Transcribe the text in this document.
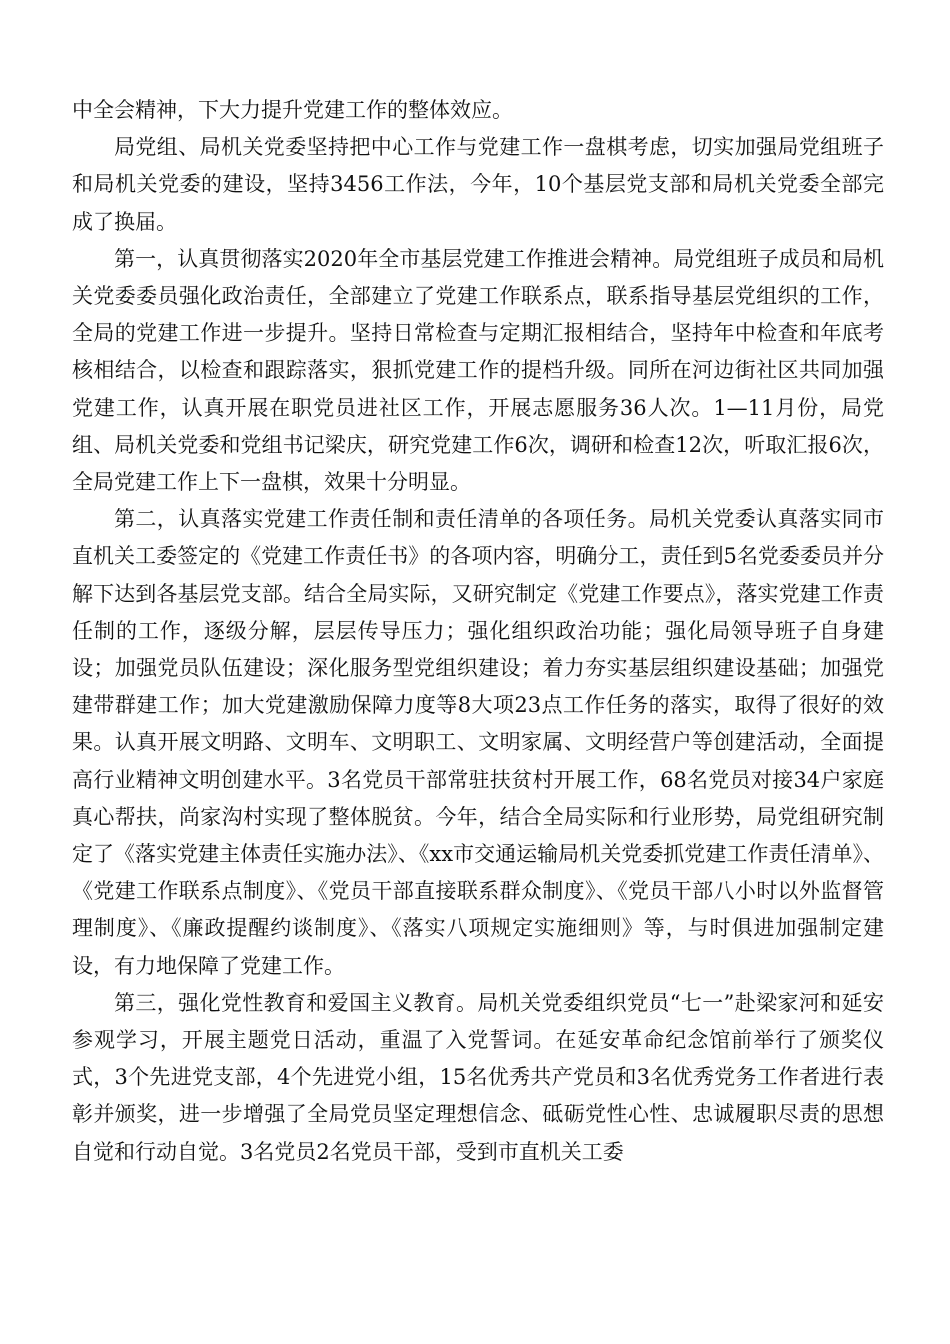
中全会精神，下大力提升党建工作的整体效应。

局党组、局机关党委坚持把中心工作与党建工作一盘棋考虑，切实加强局党组班子和局机关党委的建设，坚持3456工作法，今年，10个基层党支部和局机关党委全部完成了换届。

第一，认真贯彻落实2020年全市基层党建工作推进会精神。局党组班子成员和局机关党委委员强化政治责任，全部建立了党建工作联系点，联系指导基层党组织的工作，全局的党建工作进一步提升。坚持日常检查与定期汇报相结合，坚持年中检查和年底考核相结合，以检查和跟踪落实，狠抓党建工作的提档升级。同所在河边街社区共同加强党建工作，认真开展在职党员进社区工作，开展志愿服务36人次。1—11月份，局党组、局机关党委和党组书记梁庆，研究党建工作6次，调研和检查12次，听取汇报6次，全局党建工作上下一盘棋，效果十分明显。

第二，认真落实党建工作责任制和责任清单的各项任务。局机关党委认真落实同市直机关工委签定的《党建工作责任书》的各项内容，明确分工，责任到5名党委委员并分解下达到各基层党支部。结合全局实际，又研究制定《党建工作要点》，落实党建工作责任制的工作，逐级分解，层层传导压力；强化组织政治功能；强化局领导班子自身建设；加强党员队伍建设；深化服务型党组织建设；着力夯实基层组织建设基础；加强党建带群建工作；加大党建激励保障力度等8大项23点工作任务的落实，取得了很好的效果。认真开展文明路、文明车、文明职工、文明家属、文明经营户等创建活动，全面提高行业精神文明创建水平。3名党员干部常驻扶贫村开展工作，68名党员对接34户家庭真心帮扶，尚家沟村实现了整体脱贫。今年，结合全局实际和行业形势，局党组研究制定了《落实党建主体责任实施办法》、《xx市交通运输局机关党委抓党建工作责任清单》、《党建工作联系点制度》、《党员干部直接联系群众制度》、《党员干部八小时以外监督管理制度》、《廉政提醒约谈制度》、《落实八项规定实施细则》等，与时俱进加强制定建设，有力地保障了党建工作。

第三，强化党性教育和爱国主义教育。局机关党委组织党员“七一”赴梁家河和延安参观学习，开展主题党日活动，重温了入党誓词。在延安革命纪念馆前举行了颁奖仪式，3个先进党支部，4个先进党小组，15名优秀共产党员和3名优秀党务工作者进行表彰并颁奖，进一步增强了全局党员坚定理想信念、砥砺党性心性、忠诚履职尽责的思想自觉和行动自觉。3名党员2名党员干部，受到市直机关工委
